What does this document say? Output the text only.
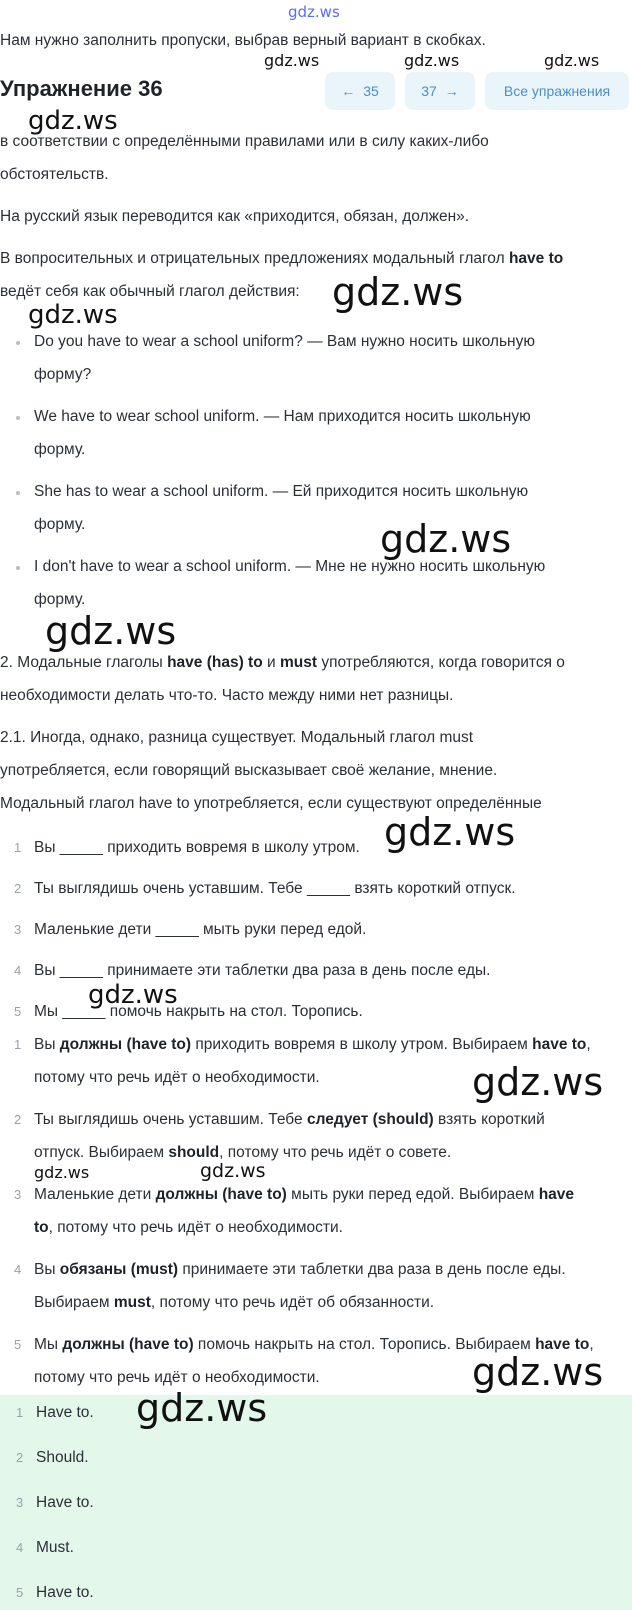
gdz.ws
Нам нужно заполнить пропуски, выбрав верный вариант в скобках.
gdz.ws	gdz.ws	gdz.ws
Упражнение 36	← 35	37 →	Все упражнения
gdz.ws

в соответствии с определёнными правилами или в силу каких-либо

обстоятельств.

На русский язык переводится как «приходится, обязан, должен».

В вопросительных и отрицательных предложениях модальный глагол have to

ведёт себя как обычный глагол действия: gdz.ws
gdz.ws
Do you have to wear a school uniform? — Вам нужно носить школьную
форму?
We have to wear school uniform. — Нам приходится носить школьную
форму.
She has to wear a school uniform. — Ей приходится носить школьную
форму.
I don't have to wear a school uniform. — Мне не нужно носить школьную
форму.
gdz.ws
gdz.ws

2. Модальные глаголы have (has) to и must употребляются, когда говорится о

необходимости делать что-то. Часто между ними нет разницы.

2.1. Иногда, однако, разница существует. Модальный глагол must

употребляется, если говорящий высказывает своё желание, мнение.

Модальный глагол have to употребляется, если существуют определённые

gdz.ws
1 Вы _____ приходить вовремя в школу утром.
2 Ты выглядишь очень уставшим. Тебе _____ взять короткий отпуск.
3 Маленькие дети _____ мыть руки перед едой.
4 Вы _____ принимаете эти таблетки два раза в день после еды.
5 Мы _____ помочь накрыть на стол. Торопись.
gdz.ws
1 Вы должны (have to) приходить вовремя в школу утром. Выбираем have to,
потому что речь идёт о необходимости.
2 Ты выглядишь очень уставшим. Тебе следует (should) взять короткий
отпуск. Выбираем should, потому что речь идёт о совете.
3 Маленькие дети должны (have to) мыть руки перед едой. Выбираем have
to, потому что речь идёт о необходимости.
4 Вы обязаны (must) принимаете эти таблетки два раза в день после еды.
Выбираем must, потому что речь идёт об обязанности.
5 Мы должны (have to) помочь накрыть на стол. Торопись. Выбираем have to,
потому что речь идёт о необходимости.
gdz.ws
gdz.ws	gdz.ws
1 Have to.
2 Should.
3 Have to.
4 Must.
5 Have to.
gdz.ws
gdz.ws
